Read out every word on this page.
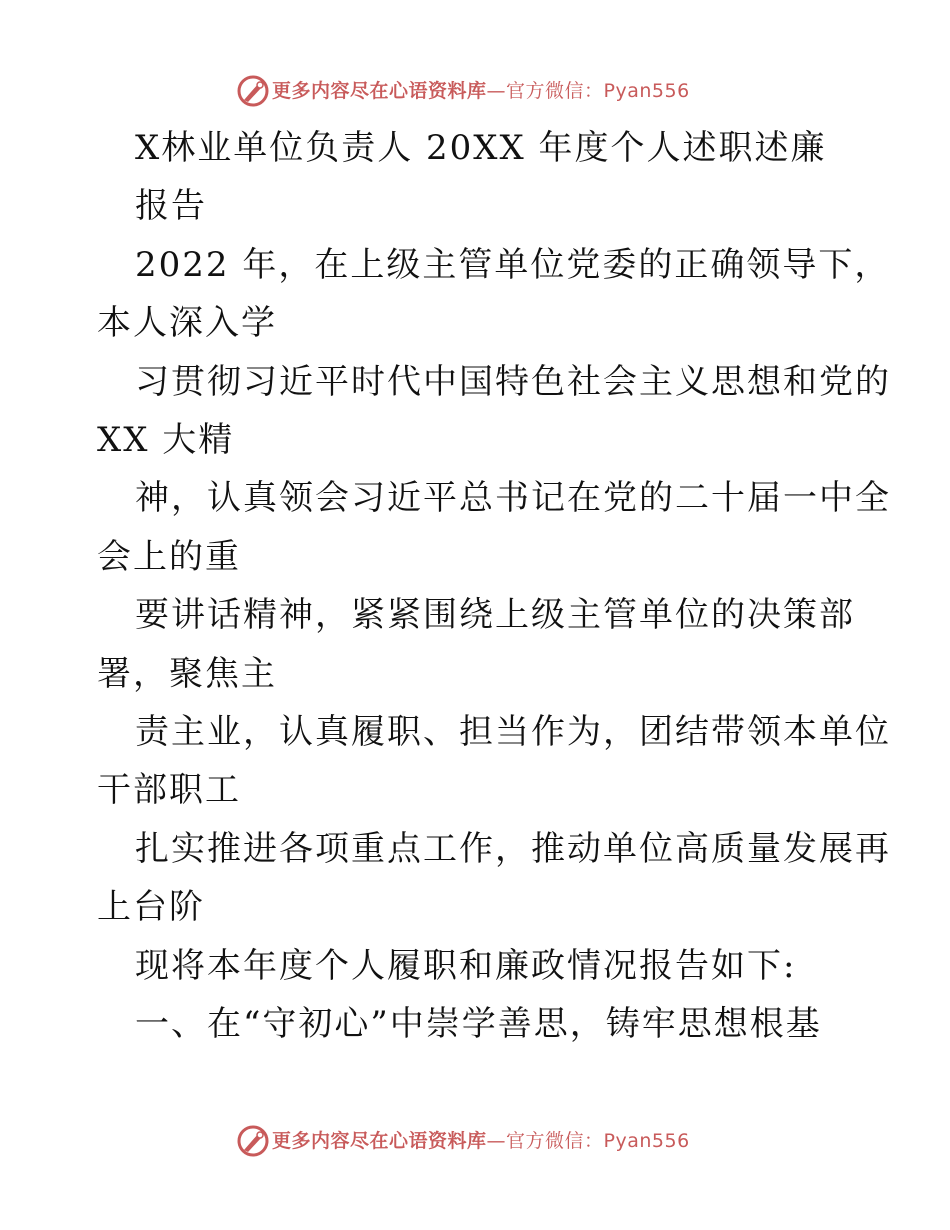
更多内容尽在心语资料库—官方微信：Pyan556
X林业单位负责人 20XX 年度个人述职述廉
报告
2022 年，在上级主管单位党委的正确领导下，
本人深入学
习贯彻习近平时代中国特色社会主义思想和党的
XX 大精
神，认真领会习近平总书记在党的二十届一中全
会上的重
要讲话精神，紧紧围绕上级主管单位的决策部
署，聚焦主
责主业，认真履职、担当作为，团结带领本单位
干部职工
扎实推进各项重点工作，推动单位高质量发展再
上台阶
现将本年度个人履职和廉政情况报告如下:
一、在“守初心”中崇学善思，铸牢思想根基
更多内容尽在心语资料库—官方微信：Pyan556
